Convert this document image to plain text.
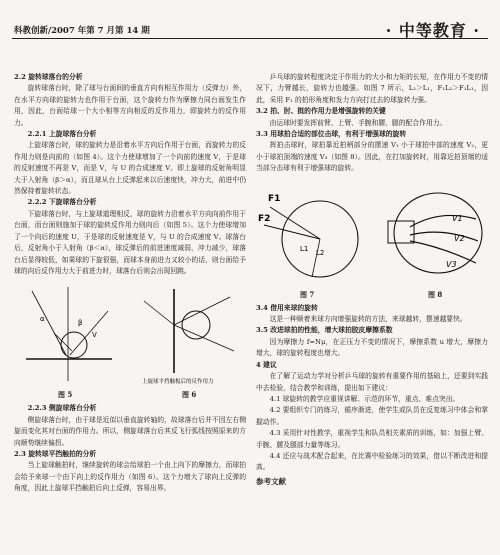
科教创新/2007 年第 7 月第 14 期	· 中等教育 ·
2.2 旋转球落台的分析
旋转球落台时，除了球与台面间的垂直方向有相互作用力（反弹力）外，在水平方向球的旋转力也作用于台面，这个旋转力作为摩擦力同台面发生作用，因此，台面给球一个大小相等方向相反的反作用力，即旋转力的反作用力。
2.2.1 上旋球落台分析
上旋球落台时，球的旋转力是沿着水平方向后作用于台面，而旋转力的反作用力则是向前的（如图 4）。这个力使球增加了一个向前的速度 V，于是球的反射速度不再是 V，而是 V，与 U 的合成速度 V。即上旋球的反射角明显大于入射角（β＞α），而且球从台上反弹起来以后速度快，冲力大，前进中仍然保持着旋转状态。
2.2.2 下旋球落台分析
下旋球落台时，与上旋球道理相反，球的旋转力沿着水平方向向前作用于台面，而台面则施加于球的旋转反作用力则向后（如图 5）。这个力使球增加了一个向后的速度 U，于是球的反射速度是 V，与 U 的合成速度 V。球落台后，反射角小于入射角（β＜α），球反弹后的前进速度减弱，冲力减少，球落台后显得较低，如果球的下旋很强，而球本身前进力又较小的话，则台面给予球的向后反作用力大于前进力时，球落台后则会出现回跳。
α	β
V
上旋球平挡触板后的反作用力
图 5	图 6
2.2.3 侧旋球落台分析
侧旋球落台时，由于球是近似以垂直旋转轴的，故球落台后并不因左右侧旋而变化其对台面的作用力。所以，侧旋球落台后其反飞行弧线按照原来的方向顺势继续偏拐。
2.3 旋转球平挡触拍的分析
当上旋球触拍时，继续旋转的球会给球拍一个由上向下的摩擦力，而球拍会给予来球一个由下向上的反作用力（如图 6）。这个力增大了球向上反弹的角度，因此上旋球平挡触拍后向上反弹，容易出界。
乒乓球的旋转程度决定于作用力的大小和力矩的长短，在作用力不变的情况下，力臂越长，旋转力也越强。如图 7 所示，L₂＞L₁，F₁L₂＞F₁L₁，因此，采用 F₁ 的拍形角度和发力方向打过去的球旋转力强。
3.2 拍、肘、挺的作用力是增强旋转的关键
由运球时要发挥前臂、上臂、手腕和腰、腿的配合作用力。
3.3 用球拍合适的部位击球，有利于增强球的旋转
挥拍击球时，球拍靠近拍柄部分的摆速 V₁ 小于球拍中部的速度 V₂，更小于球拍顶端的速度 V₃（如图 8）。因此，在打加旋转时，用靠近拍顶端的适当部分击球有利于增强球的旋转。
F1
F2
L1 L2
V1
V2
V3
图 7	图 8
3.4 借用来球的旋转
这是一种顺着来球方向增强旋转的方法，来球越转，摆速越要快。
3.5 改进球拍的性能，增大球拍胶皮摩擦系数
因为摩擦力 f=Nμ，在正压力不变的情况下，摩擦系数 u 增大，摩擦力增大，球的旋转程度也增大。
4 建议
在了解了运动力学对分析乒乓球的旋转有重要作用的基础上，还要到实践中去检验，结合教学和训练，提出如下建议：
4.1 球旋转的教学应重视讲解、示范的环节，重点、难点突出。
4.2 要组织专门的练习，循序渐进，使学生或队员在反复练习中体会和掌握动作。
4.3 采用针对性教学，重视学生和队员相关素质的训练，如：加强上臂、手腕、腰及腿部力量等练习。
4.4 还应与战术配合起来，在比赛中检验练习的效果，借以不断改进和提高。
参考文献
